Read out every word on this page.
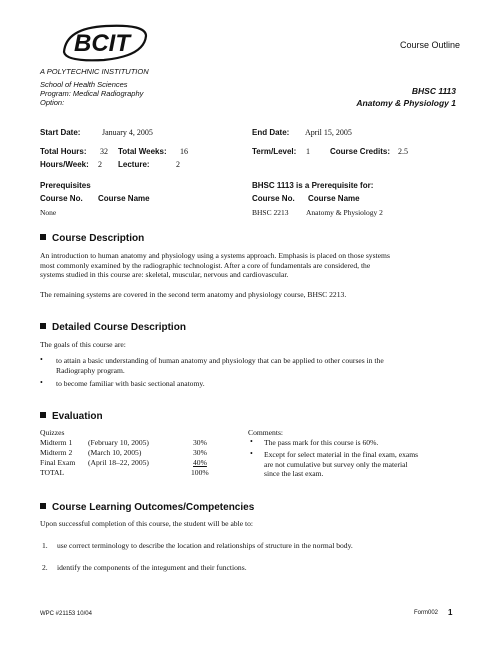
BCIT	Course Outline
A POLYTECHNIC INSTITUTION
School of Health Sciences
Program: Medical Radiography
Option:
BHSC 1113
Anatomy & Physiology 1
Start Date:	January 4, 2005	End Date: April 15, 2005
Total Hours: 32 Total Weeks: 16	Term/Level: 1	Course Credits: 2.5
Hours/Week: 2 Lecture:	2
Prerequisites
Course No. Course Name
None
BHSC 1113 is a Prerequisite for:
Course No. Course Name
BHSC 2213 Anatomy & Physiology 2
Course Description
An introduction to human anatomy and physiology using a systems approach. Emphasis is placed on those systems
most commonly examined by the radiographic technologist. After a core of fundamentals are considered, the
systems studied in this course are: skeletal, muscular, nervous and cardiovascular.
The remaining systems are covered in the second term anatomy and physiology course, BHSC 2213.
Detailed Course Description
The goals of this course are:
• to attain a basic understanding of human anatomy and physiology that can be applied to other courses in the
Radiography program.
• to become familiar with basic sectional anatomy.
Evaluation
Quizzes
Midterm 1 (February 10, 2005)	30%
Midterm 2 (March 10, 2005)	30%
Final Exam (April 18–22, 2005)	40%
TOTAL	100%
Comments:
• The pass mark for this course is 60%.
• Except for select material in the final exam, exams
are not cumulative but survey only the material
since the last exam.
Course Learning Outcomes/Competencies
Upon successful completion of this course, the student will be able to:
1. use correct terminology to describe the location and relationships of structure in the normal body.
2. identify the components of the integument and their functions.
WPC #21153 10/04	Form002 1
